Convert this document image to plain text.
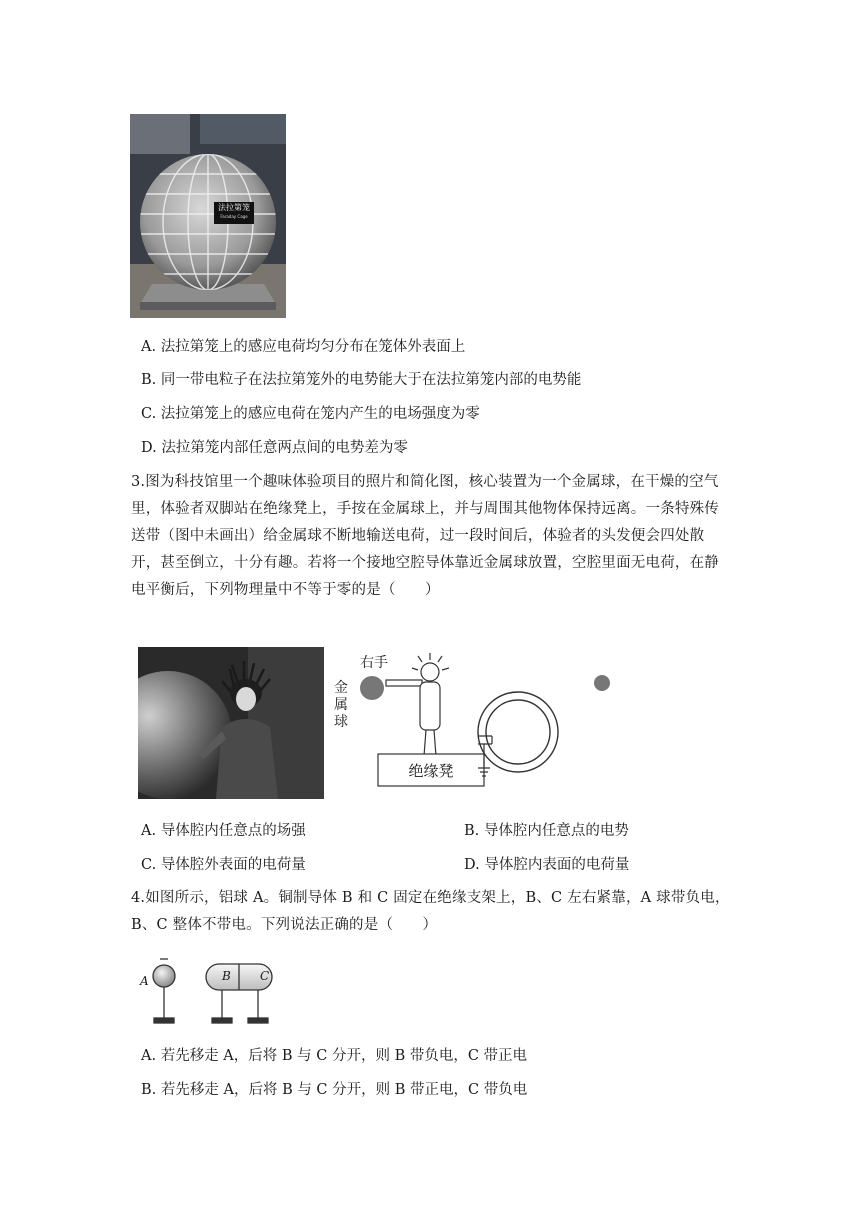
法拉第笼
Faraday Cage
A. 法拉第笼上的感应电荷均匀分布在笼体外表面上
B. 同一带电粒子在法拉第笼外的电势能大于在法拉第笼内部的电势能
C. 法拉第笼上的感应电荷在笼内产生的电场强度为零
D. 法拉第笼内部任意两点间的电势差为零
3.图为科技馆里一个趣味体验项目的照片和简化图，核心装置为一个金属球，在干燥的空气里，体验者双脚站在绝缘凳上，手按在金属球上，并与周围其他物体保持远离。一条特殊传送带（图中未画出）给金属球不断地输送电荷，过一段时间后，体验者的头发便会四处散开，甚至倒立，十分有趣。若将一个接地空腔导体靠近金属球放置，空腔里面无电荷，在静电平衡后，下列物理量中不等于零的是（　　）
右手
金属球
绝缘凳
A. 导体腔内任意点的场强	B. 导体腔内任意点的电势
C. 导体腔外表面的电荷量	D. 导体腔内表面的电荷量
4.如图所示，铝球 A。铜制导体 B 和 C 固定在绝缘支架上，B、C 左右紧靠，A 球带负电，B、C 整体不带电。下列说法正确的是（　　）
A	B C
A. 若先移走 A，后将 B 与 C 分开，则 B 带负电，C 带正电
B. 若先移走 A，后将 B 与 C 分开，则 B 带正电，C 带负电
